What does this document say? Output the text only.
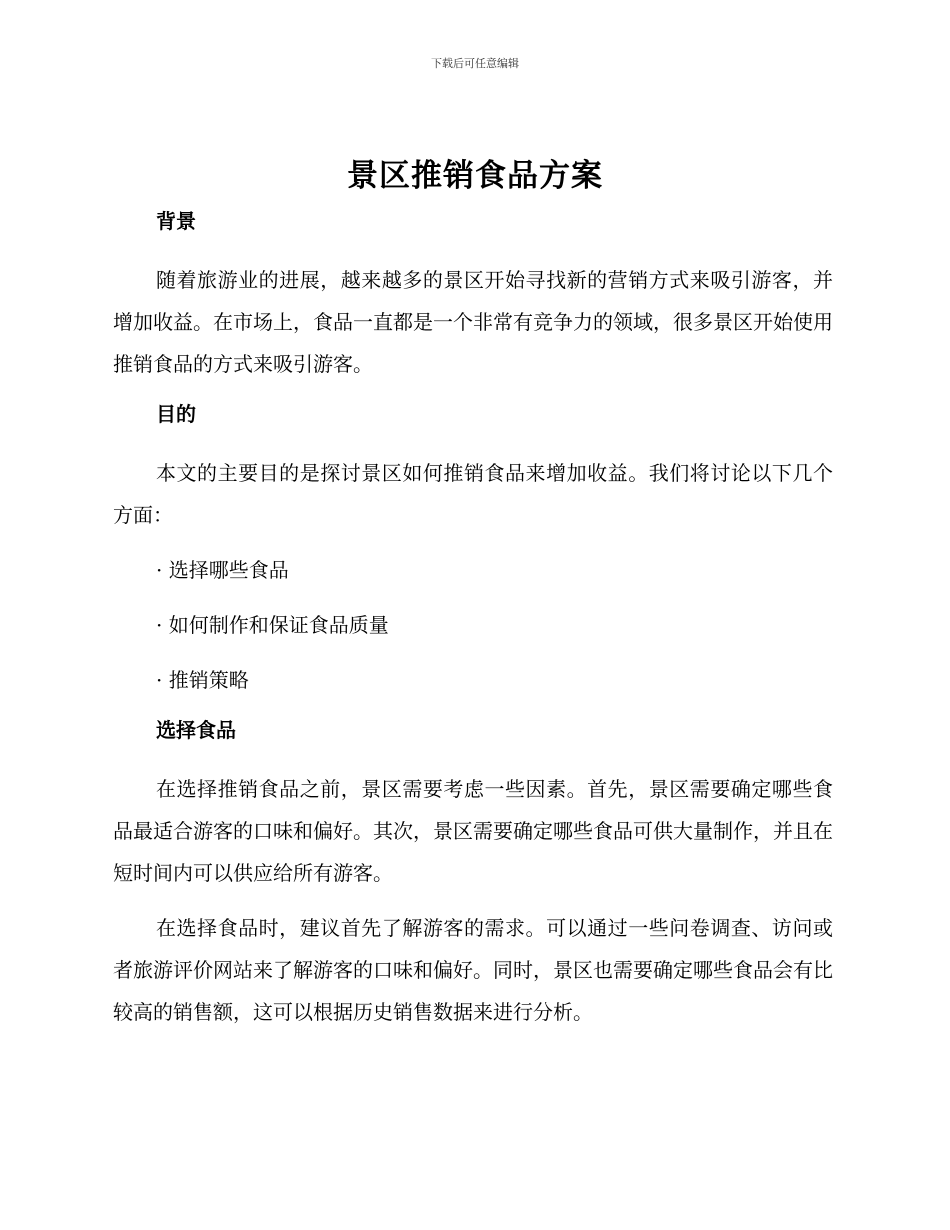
下载后可任意编辑
景区推销食品方案
背景

随着旅游业的进展，越来越多的景区开始寻找新的营销方式来吸引游客，并增加收益。在市场上，食品一直都是一个非常有竞争力的领域，很多景区开始使用推销食品的方式来吸引游客。

目的

本文的主要目的是探讨景区如何推销食品来增加收益。我们将讨论以下几个方面：

· 选择哪些食品

· 如何制作和保证食品质量

· 推销策略

选择食品

在选择推销食品之前，景区需要考虑一些因素。首先，景区需要确定哪些食品最适合游客的口味和偏好。其次，景区需要确定哪些食品可供大量制作，并且在短时间内可以供应给所有游客。

在选择食品时，建议首先了解游客的需求。可以通过一些问卷调查、访问或者旅游评价网站来了解游客的口味和偏好。同时，景区也需要确定哪些食品会有比较高的销售额，这可以根据历史销售数据来进行分析。
